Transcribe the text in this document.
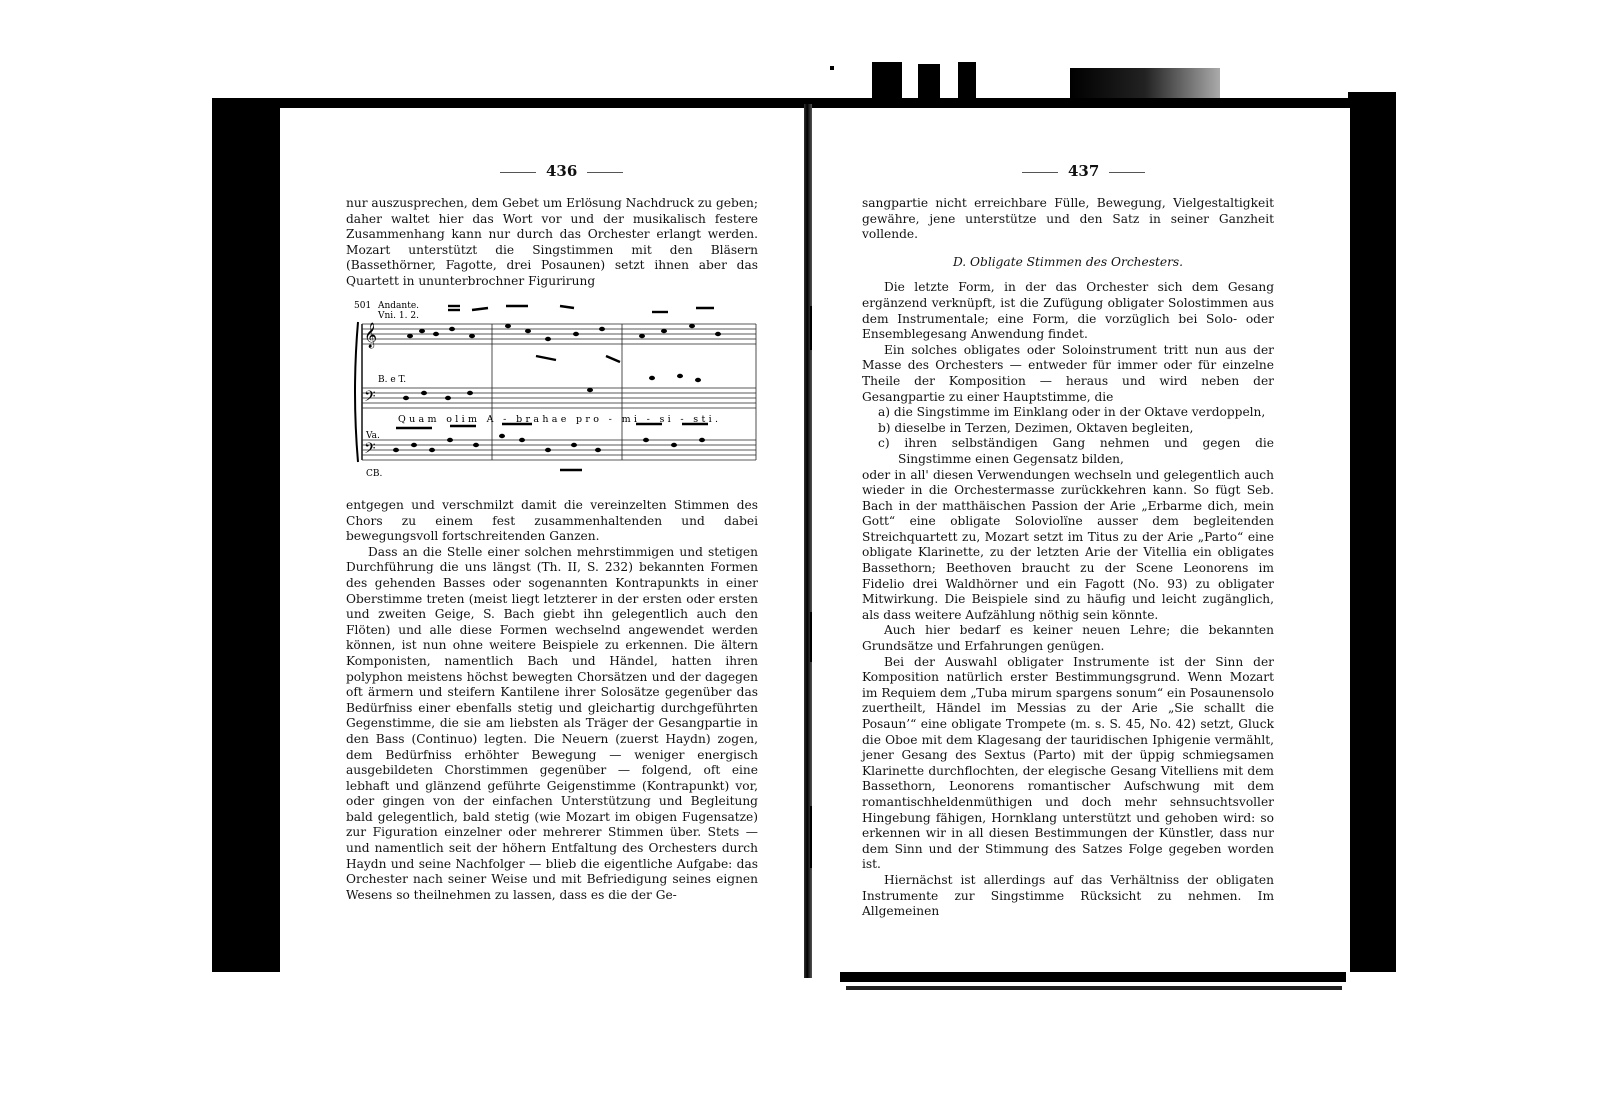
436

nur auszusprechen, dem Gebet um Erlösung Nachdruck zu geben; daher waltet hier das Wort vor und der musikalisch festere Zusammenhang kann nur durch das Orchester erlangt werden. Mozart unterstützt die Singstimmen mit den Bläsern (Bassethörner, Fagotte, drei Posaunen) setzt ihnen aber das Quartett in ununterbrochner Figurirung

𝄞
𝄢
𝄢
501 Andante.
Vni. 1. 2.
B. e T.
Quam olim A - brahae pro - mi - si - sti.
Va.
CB.

entgegen und verschmilzt damit die vereinzelten Stimmen des Chors zu einem fest zusammenhaltenden und dabei bewegungsvoll fortschreitenden Ganzen.

Dass an die Stelle einer solchen mehrstimmigen und stetigen Durchführung die uns längst (Th. II, S. 232) bekannten Formen des gehenden Basses oder sogenannten Kontrapunkts in einer Oberstimme treten (meist liegt letzterer in der ersten oder ersten und zweiten Geige, S. Bach giebt ihn gelegentlich auch den Flöten) und alle diese Formen wechselnd angewendet werden können, ist nun ohne weitere Beispiele zu erkennen. Die ältern Komponisten, namentlich Bach und Händel, hatten ihren polyphon meistens höchst bewegten Chorsätzen und der dagegen oft ärmern und steifern Kantilene ihrer Solosätze gegenüber das Bedürfniss einer ebenfalls stetig und gleichartig durchgeführten Gegenstimme, die sie am liebsten als Träger der Gesangpartie in den Bass (Continuo) legten. Die Neuern (zuerst Haydn) zogen, dem Bedürfniss erhöhter Bewegung — weniger energisch ausgebildeten Chorstimmen gegenüber — folgend, oft eine lebhaft und glänzend geführte Geigenstimme (Kontrapunkt) vor, oder gingen von der einfachen Unterstützung und Begleitung bald gelegentlich, bald stetig (wie Mozart im obigen Fugensatze) zur Figuration einzelner oder mehrerer Stimmen über. Stets — und namentlich seit der höhern Entfaltung des Orchesters durch Haydn und seine Nachfolger — blieb die eigentliche Aufgabe: das Orchester nach seiner Weise und mit Befriedigung seines eignen Wesens so theilnehmen zu lassen, dass es die der Ge-

437

sangpartie nicht erreichbare Fülle, Bewegung, Vielgestaltigkeit gewähre, jene unterstütze und den Satz in seiner Ganzheit vollende.

D. Obligate Stimmen des Orchesters.

Die letzte Form, in der das Orchester sich dem Gesang ergänzend verknüpft, ist die Zufügung obligater Solostimmen aus dem Instrumentale; eine Form, die vorzüglich bei Solo- oder Ensemblegesang Anwendung findet.

Ein solches obligates oder Soloinstrument tritt nun aus der Masse des Orchesters — entweder für immer oder für einzelne Theile der Komposition — heraus und wird neben der Gesangpartie zu einer Hauptstimme, die

a) die Singstimme im Einklang oder in der Oktave verdoppeln,

b) dieselbe in Terzen, Dezimen, Oktaven begleiten,

c) ihren selbständigen Gang nehmen und gegen die Singstimme einen Gegensatz bilden,

oder in all' diesen Verwendungen wechseln und gelegentlich auch wieder in die Orchestermasse zurückkehren kann. So fügt Seb. Bach in der matthäischen Passion der Arie „Erbarme dich, mein Gott“ eine obligate Soloviolïne ausser dem begleitenden Streichquartett zu, Mozart setzt im Titus zu der Arie „Parto“ eine obligate Klarinette, zu der letzten Arie der Vitellia ein obligates Bassethorn; Beethoven braucht zu der Scene Leonorens im Fidelio drei Waldhörner und ein Fagott (No. 93) zu obligater Mitwirkung. Die Beispiele sind zu häufig und leicht zugänglich, als dass weitere Aufzählung nöthig sein könnte.

Auch hier bedarf es keiner neuen Lehre; die bekannten Grundsätze und Erfahrungen genügen.

Bei der Auswahl obligater Instrumente ist der Sinn der Komposition natürlich erster Bestimmungsgrund. Wenn Mozart im Requiem dem „Tuba mirum spargens sonum“ ein Posaunensolo zuertheilt, Händel im Messias zu der Arie „Sie schallt die Posaun’“ eine obligate Trompete (m. s. S. 45, No. 42) setzt, Gluck die Oboe mit dem Klagesang der tauridischen Iphigenie vermählt, jener Gesang des Sextus (Parto) mit der üppig schmiegsamen Klarinette durchflochten, der elegische Gesang Vitelliens mit dem Bassethorn, Leonorens romantischer Aufschwung mit dem romantischheldenmüthigen und doch mehr sehnsuchtsvoller Hingebung fähigen, Hornklang unterstützt und gehoben wird: so erkennen wir in all diesen Bestimmungen der Künstler, dass nur dem Sinn und der Stimmung des Satzes Folge gegeben worden ist.

Hiernächst ist allerdings auf das Verhältniss der obligaten Instrumente zur Singstimme Rücksicht zu nehmen. Im Allgemeinen
